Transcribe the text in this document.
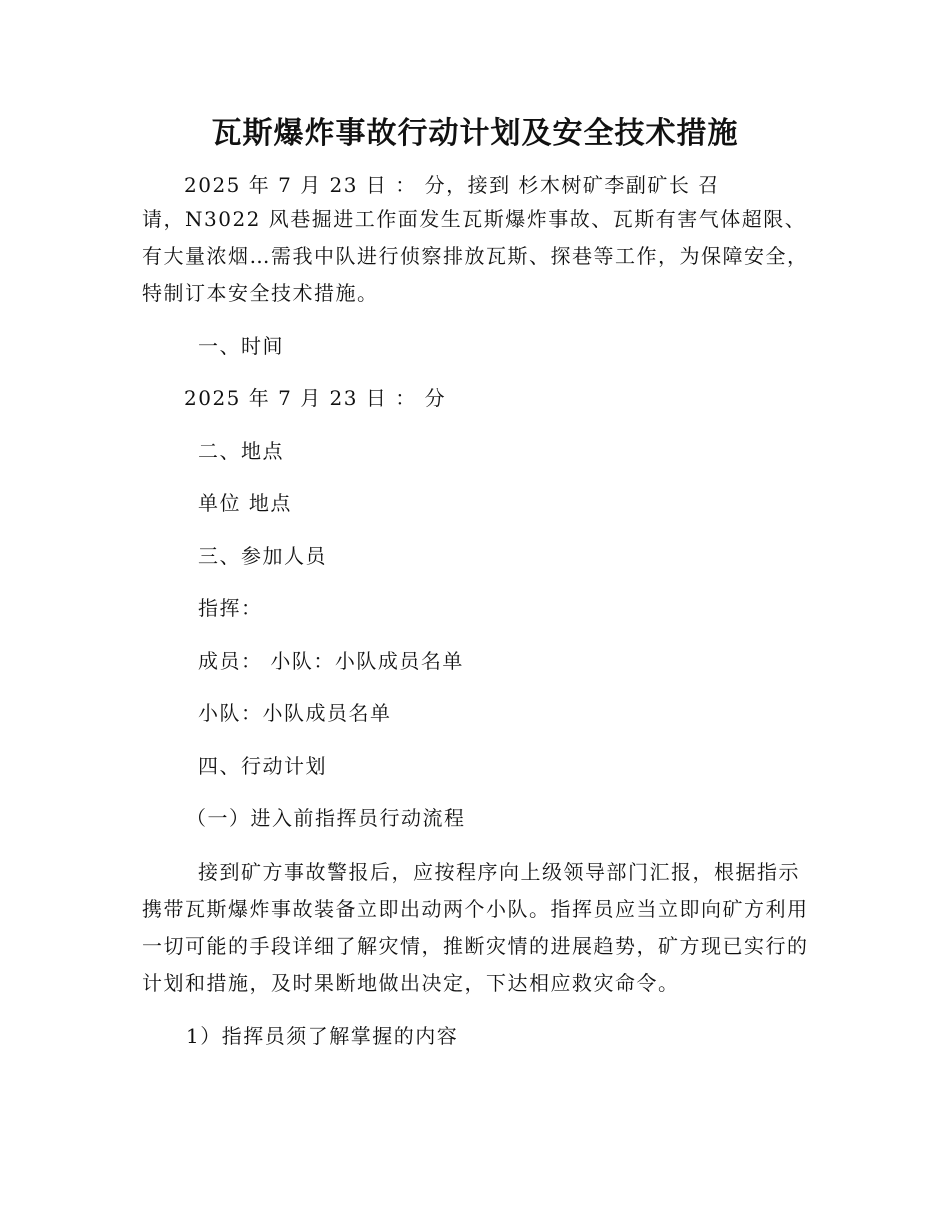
瓦斯爆炸事故行动计划及安全技术措施

2025 年 7 月 23 日 ： 分，接到 杉木树矿李副矿长 召

请，N3022 风巷掘进工作面发生瓦斯爆炸事故、瓦斯有害气体超限、有大量浓烟…需我中队进行侦察排放瓦斯、探巷等工作，为保障安全，特制订本安全技术措施。

一、时间

2025 年 7 月 23 日 ： 分

二、地点

单位 地点

三、参加人员

指挥：

成员： 小队：小队成员名单

小队：小队成员名单

四、行动计划

（一）进入前指挥员行动流程

接到矿方事故警报后，应按程序向上级领导部门汇报，根据指示携带瓦斯爆炸事故装备立即出动两个小队。指挥员应当立即向矿方利用一切可能的手段详细了解灾情，推断灾情的进展趋势，矿方现已实行的计划和措施，及时果断地做出决定，下达相应救灾命令。

1）指挥员须了解掌握的内容
